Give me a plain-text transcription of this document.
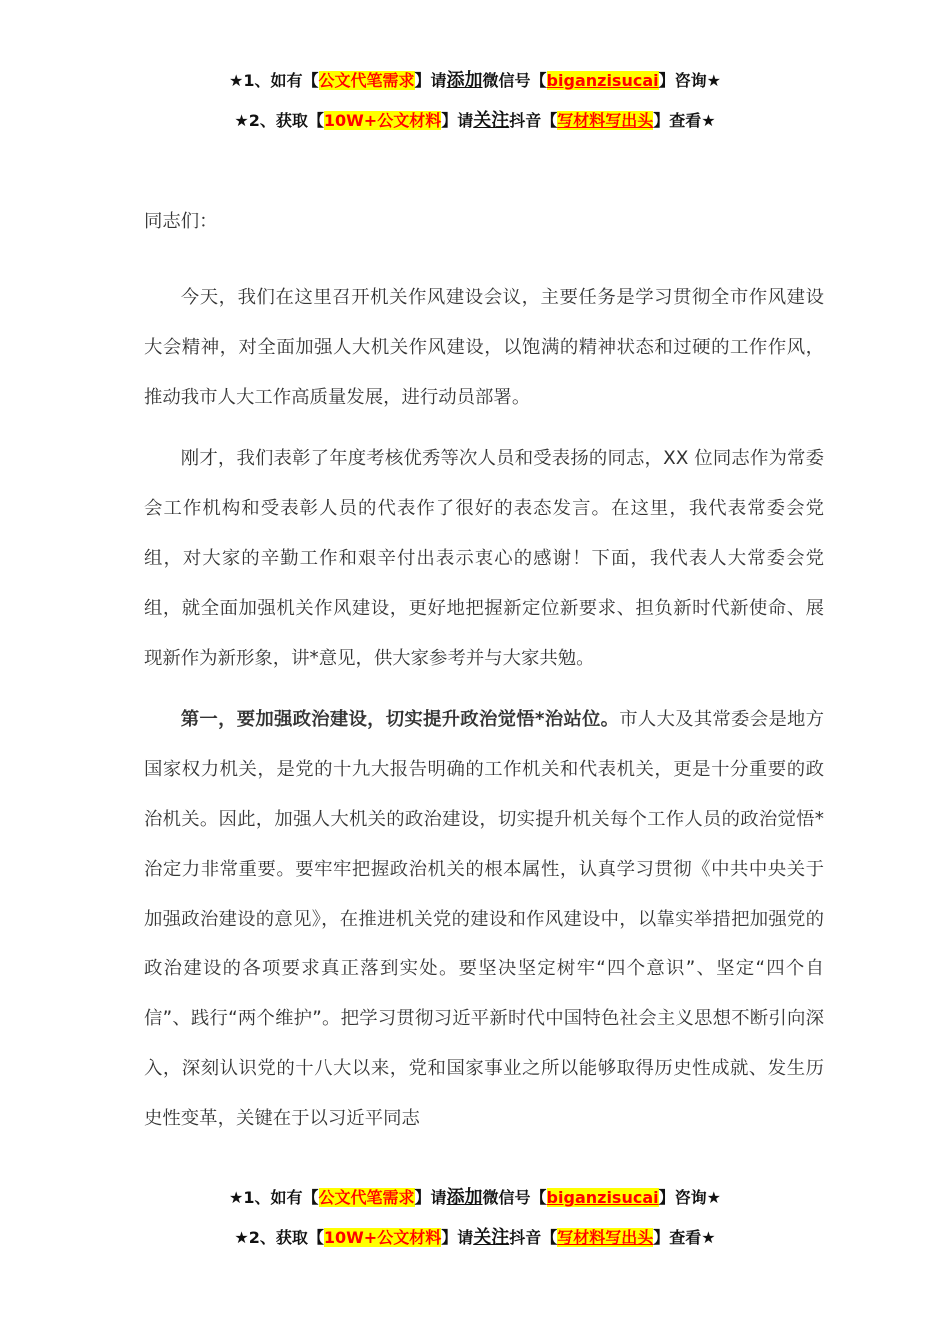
★1、如有【公文代笔需求】请添加微信号【biganzisucai】咨询★
★2、获取【10W+公文材料】请关注抖音【写材料写出头】查看★

同志们：

今天，我们在这里召开机关作风建设会议，主要任务是学习贯彻全市作风建设大会精神，对全面加强人大机关作风建设，以饱满的精神状态和过硬的工作作风，推动我市人大工作高质量发展，进行动员部署。

刚才，我们表彰了年度考核优秀等次人员和受表扬的同志，XX 位同志作为常委会工作机构和受表彰人员的代表作了很好的表态发言。在这里，我代表常委会党组，对大家的辛勤工作和艰辛付出表示衷心的感谢！下面，我代表人大常委会党组，就全面加强机关作风建设，更好地把握新定位新要求、担负新时代新使命、展现新作为新形象，讲*意见，供大家参考并与大家共勉。

第一，要加强政治建设，切实提升政治觉悟*治站位。市人大及其常委会是地方国家权力机关，是党的十九大报告明确的工作机关和代表机关，更是十分重要的政治机关。因此，加强人大机关的政治建设，切实提升机关每个工作人员的政治觉悟*治定力非常重要。要牢牢把握政治机关的根本属性，认真学习贯彻《中共中央关于加强政治建设的意见》，在推进机关党的建设和作风建设中，以靠实举措把加强党的政治建设的各项要求真正落到实处。要坚决坚定树牢“四个意识”、坚定“四个自信”、践行“两个维护”。把学习贯彻习近平新时代中国特色社会主义思想不断引向深入，深刻认识党的十八大以来，党和国家事业之所以能够取得历史性成就、发生历史性变革，关键在于以习近平同志

★1、如有【公文代笔需求】请添加微信号【biganzisucai】咨询★
★2、获取【10W+公文材料】请关注抖音【写材料写出头】查看★
